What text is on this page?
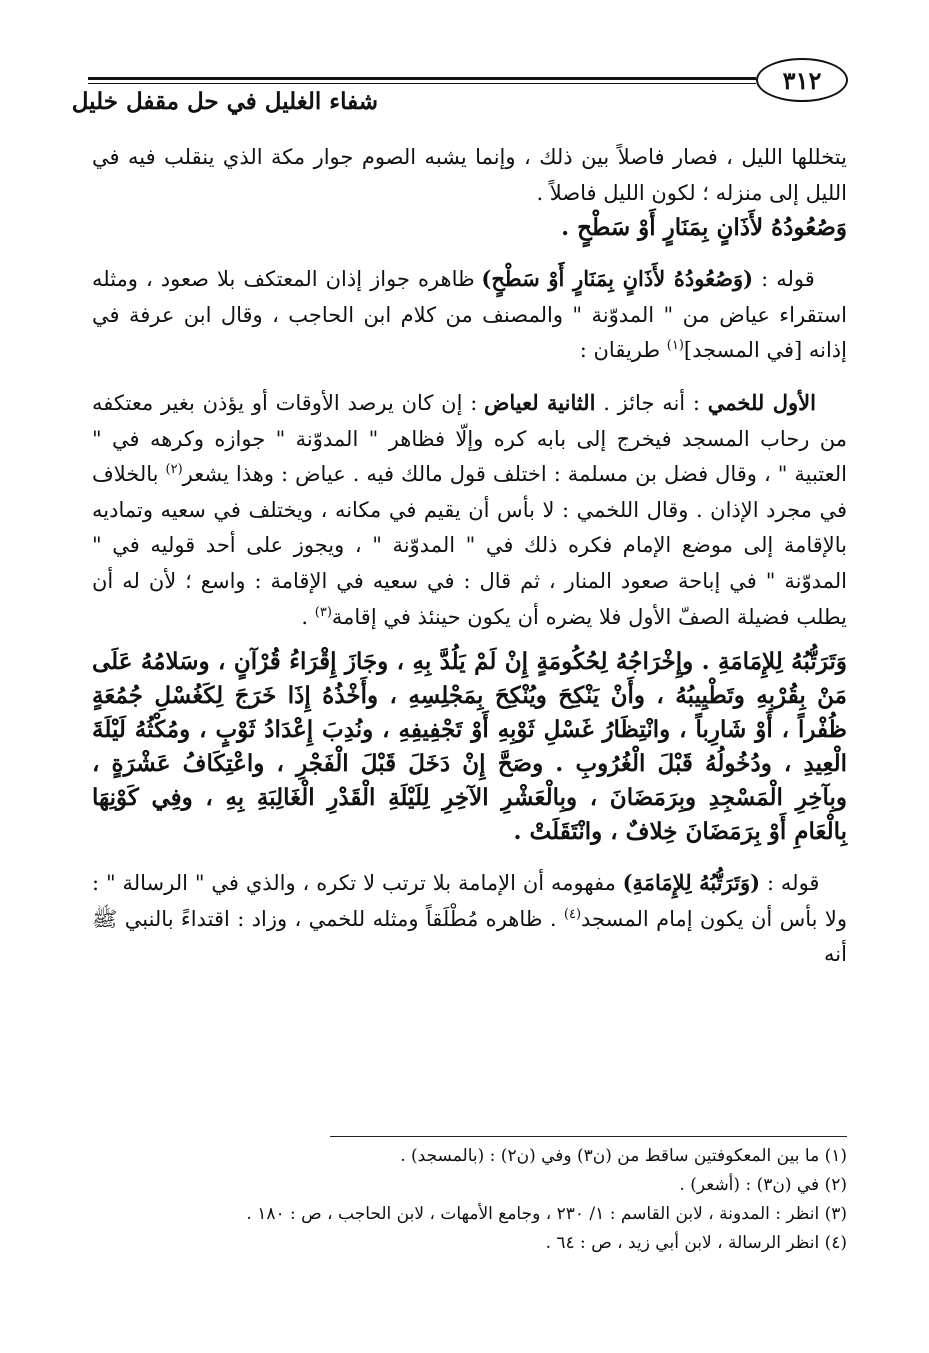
٣١٢
شفاء الغليل في حل مقفل خليل

يتخللها الليل ، فصار فاصلاً بين ذلك ، وإنما يشبه الصوم جوار مكة الذي ينقلب فيه في الليل إلى منزله ؛ لكون الليل فاصلاً .

وَصُعُودُهُ لأَذَانٍ بِمَنَارٍ أَوْ سَطْحٍ .

قوله : (وَصُعُودُهُ لأَذَانٍ بِمَنَارٍ أَوْ سَطْحٍ) ظاهره جواز إذان المعتكف بلا صعود ، ومثله استقراء عياض من " المدوّنة " والمصنف من كلام ابن الحاجب ، وقال ابن عرفة في إذانه [في المسجد]$^{(١)}$ طريقان :

الأول للخمي : أنه جائز . الثانية لعياض : إن كان يرصد الأوقات أو يؤذن بغير معتكفه من رحاب المسجد فيخرج إلى بابه كره وإلّا فظاهر " المدوّنة " جوازه وكرهه في " العتبية " ، وقال فضل بن مسلمة : اختلف قول مالك فيه . عياض : وهذا يشعر$^{(٢)}$ بالخلاف في مجرد الإذان . وقال اللخمي : لا بأس أن يقيم في مكانه ، ويختلف في سعيه وتماديه بالإقامة إلى موضع الإمام فكره ذلك في " المدوّنة " ، ويجوز على أحد قوليه في " المدوّنة " في إباحة صعود المنار ، ثم قال : في سعيه في الإقامة : واسع ؛ لأن له أن يطلب فضيلة الصفّ الأول فلا يضره أن يكون حينئذ في إقامة$^{(٣)}$ .

وَتَرَتُّبُهُ لِلإِمَامَةِ . وإِخْرَاجُهُ لِحُكُومَةٍ إِنْ لَمْ يَلُدَّ بِهِ ، وجَازَ إِقْرَاءُ قُرْآنٍ ، وسَلامُهُ عَلَى مَنْ بِقُرْبِهِ وتَطْيِيبُهُ ، وأَنْ يَنْكِحَ ويُنْكِحَ بِمَجْلِسِهِ ، وأَخْذُهُ إِذَا خَرَجَ لِكَغُسْلِ جُمُعَةٍ ظُفْراً ، أَوْ شَارِباً ، وانْتِظَارُ غَسْلِ ثَوْبِهِ أَوْ تَجْفِيفِهِ ، ونُدِبَ إِعْدَادُ ثَوْبٍ ، ومُكْثُهُ لَيْلَةَ الْعِيدِ ، ودُخُولُهُ قَبْلَ الْغُرُوبِ . وصَحَّ إِنْ دَخَلَ قَبْلَ الْفَجْرِ ، واعْتِكَافُ عَشْرَةٍ ، وبِآخِرِ الْمَسْجِدِ وبِرَمَضَانَ ، وبِالْعَشْرِ الآخِرِ لِلَيْلَةِ الْقَدْرِ الْغَالِبَةِ بِهِ ، وفِي كَوْنِهَا بِالْعَامِ أَوْ بِرَمَضَانَ خِلافٌ ، وانْتَقَلَتْ .

قوله : (وَتَرَتُّبُهُ لِلإِمَامَةِ) مفهومه أن الإمامة بلا ترتب لا تكره ، والذي في " الرسالة " : ولا بأس أن يكون إمام المسجد$^{(٤)}$ . ظاهره مُطْلَقاً ومثله للخمي ، وزاد : اقتداءً بالنبي ﷺ أنه

(١) ما بين المعكوفتين ساقط من (ن٣) وفي (ن٢) : (بالمسجد) .
(٢) في (ن٣) : (أشعر) .
(٣) انظر : المدونة ، لابن القاسم : ١/ ٢٣٠ ، وجامع الأمهات ، لابن الحاجب ، ص : ١٨٠ .
(٤) انظر الرسالة ، لابن أبي زيد ، ص : ٦٤ .
